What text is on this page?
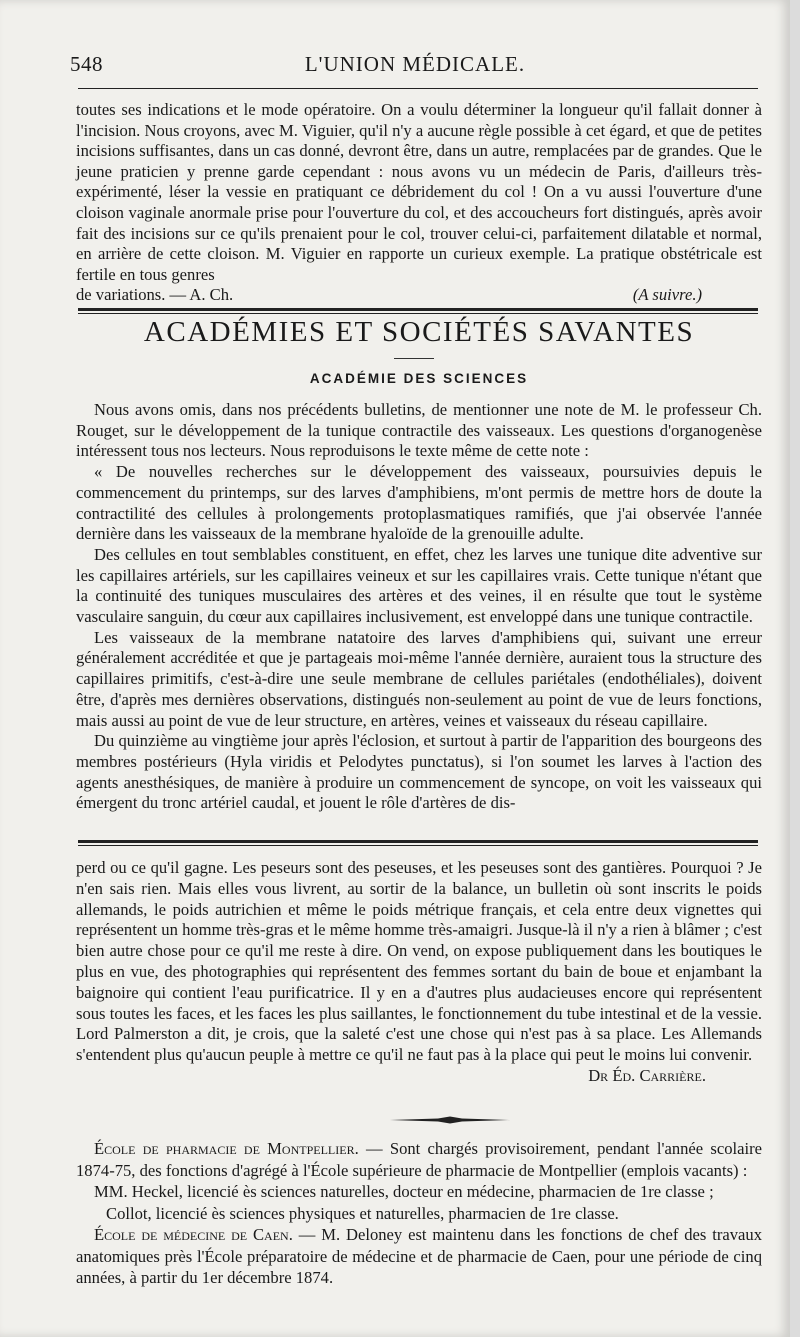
548	L'UNION MÉDICALE.

toutes ses indications et le mode opératoire. On a voulu déterminer la longueur qu'il fallait donner à l'incision. Nous croyons, avec M. Viguier, qu'il n'y a aucune règle possible à cet égard, et que de petites incisions suffisantes, dans un cas donné, devront être, dans un autre, remplacées par de grandes. Que le jeune praticien y prenne garde cependant : nous avons vu un médecin de Paris, d'ailleurs très-expérimenté, léser la vessie en pratiquant ce débridement du col ! On a vu aussi l'ouverture d'une cloison vaginale anormale prise pour l'ouverture du col, et des accoucheurs fort distingués, après avoir fait des incisions sur ce qu'ils prenaient pour le col, trouver celui-ci, parfaitement dilatable et normal, en arrière de cette cloison. M. Viguier en rapporte un curieux exemple. La pratique obstétricale est fertile en tous genres

de variations. — A. Ch.	(A suivre.)
ACADÉMIES ET SOCIÉTÉS SAVANTES
ACADÉMIE DES SCIENCES

Nous avons omis, dans nos précédents bulletins, de mentionner une note de M. le professeur Ch. Rouget, sur le développement de la tunique contractile des vaisseaux. Les questions d'organogenèse intéressent tous nos lecteurs. Nous reproduisons le texte même de cette note :

« De nouvelles recherches sur le développement des vaisseaux, poursuivies depuis le commencement du printemps, sur des larves d'amphibiens, m'ont permis de mettre hors de doute la contractilité des cellules à prolongements protoplasmatiques ramifiés, que j'ai observée l'année dernière dans les vaisseaux de la membrane hyaloïde de la grenouille adulte.

Des cellules en tout semblables constituent, en effet, chez les larves une tunique dite adventive sur les capillaires artériels, sur les capillaires veineux et sur les capillaires vrais. Cette tunique n'étant que la continuité des tuniques musculaires des artères et des veines, il en résulte que tout le système vasculaire sanguin, du cœur aux capillaires inclusivement, est enveloppé dans une tunique contractile.

Les vaisseaux de la membrane natatoire des larves d'amphibiens qui, suivant une erreur généralement accréditée et que je partageais moi-même l'année dernière, auraient tous la structure des capillaires primitifs, c'est-à-dire une seule membrane de cellules pariétales (endothéliales), doivent être, d'après mes dernières observations, distingués non-seulement au point de vue de leurs fonctions, mais aussi au point de vue de leur structure, en artères, veines et vaisseaux du réseau capillaire.

Du quinzième au vingtième jour après l'éclosion, et surtout à partir de l'apparition des bourgeons des membres postérieurs (Hyla viridis et Pelodytes punctatus), si l'on soumet les larves à l'action des agents anesthésiques, de manière à produire un commencement de syncope, on voit les vaisseaux qui émergent du tronc artériel caudal, et jouent le rôle d'artères de dis-

perd ou ce qu'il gagne. Les peseurs sont des peseuses, et les peseuses sont des gantières. Pourquoi ? Je n'en sais rien. Mais elles vous livrent, au sortir de la balance, un bulletin où sont inscrits le poids allemands, le poids autrichien et même le poids métrique français, et cela entre deux vignettes qui représentent un homme très-gras et le même homme très-amaigri. Jusque-là il n'y a rien à blâmer ; c'est bien autre chose pour ce qu'il me reste à dire. On vend, on expose publiquement dans les boutiques le plus en vue, des photographies qui représentent des femmes sortant du bain de boue et enjambant la baignoire qui contient l'eau purificatrice. Il y en a d'autres plus audacieuses encore qui représentent sous toutes les faces, et les faces les plus saillantes, le fonctionnement du tube intestinal et de la vessie. Lord Palmerston a dit, je crois, que la saleté c'est une chose qui n'est pas à sa place. Les Allemands s'entendent plus qu'aucun peuple à mettre ce qu'il ne faut pas à la place qui peut le moins lui convenir.

Dr Éd. Carrière.

École de pharmacie de Montpellier. — Sont chargés provisoirement, pendant l'année scolaire 1874-75, des fonctions d'agrégé à l'École supérieure de pharmacie de Montpellier (emplois vacants) :

MM. Heckel, licencié ès sciences naturelles, docteur en médecine, pharmacien de 1re classe ;

Collot, licencié ès sciences physiques et naturelles, pharmacien de 1re classe.

École de médecine de Caen. — M. Deloney est maintenu dans les fonctions de chef des travaux anatomiques près l'École préparatoire de médecine et de pharmacie de Caen, pour une période de cinq années, à partir du 1er décembre 1874.
